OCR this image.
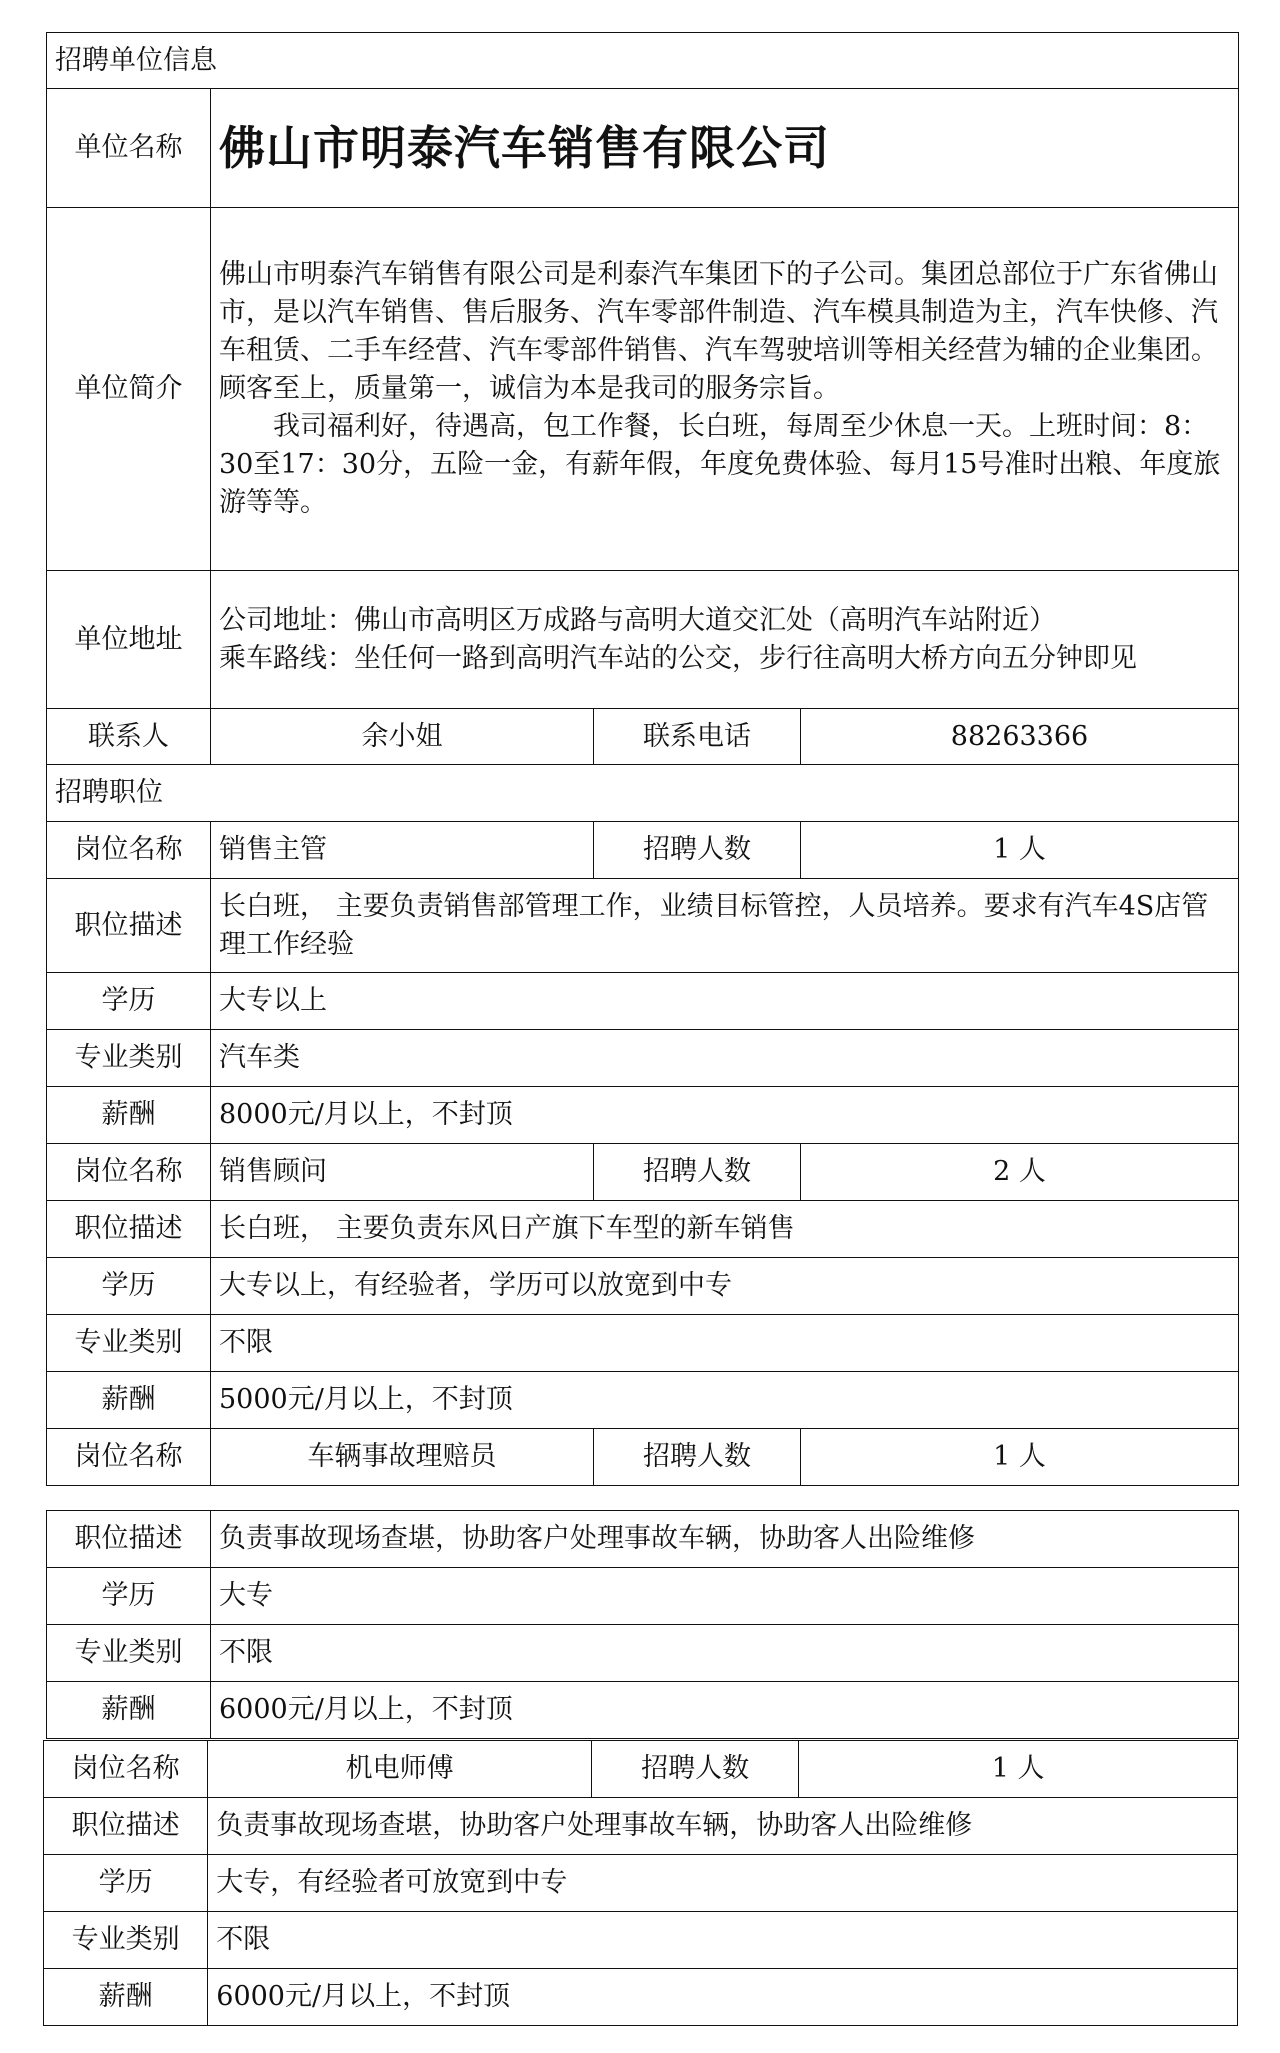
招聘单位信息			
单位名称	佛山市明泰汽车销售有限公司		
单位简介	佛山市明泰汽车销售有限公司是利泰汽车集团下的子公司。集团总部位于广东省佛山市，是以汽车销售、售后服务、汽车零部件制造、汽车模具制造为主，汽车快修、汽车租赁、二手车经营、汽车零部件销售、汽车驾驶培训等相关经营为辅的企业集团。顾客至上，质量第一，诚信为本是我司的服务宗旨。

我司福利好，待遇高，包工作餐，长白班，每周至少休息一天。上班时间：8：30至17：30分，五险一金，有薪年假，年度免费体验、每月15号准时出粮、年度旅游等等。		

单位地址	公司地址：佛山市高明区万成路与高明大道交汇处（高明汽车站附近）
乘车路线：坐任何一路到高明汽车站的公交，步行往高明大桥方向五分钟即见		

联系人	余小姐	联系电话	88263366
招聘职位			
岗位名称	销售主管	招聘人数	1 人
职位描述	长白班， 主要负责销售部管理工作，业绩目标管控，人员培养。要求有汽车4S店管理工作经验		
学历	大专以上		
专业类别	汽车类		
薪酬	8000元/月以上，不封顶		
岗位名称	销售顾问	招聘人数	2 人
职位描述	长白班， 主要负责东风日产旗下车型的新车销售		
学历	大专以上，有经验者，学历可以放宽到中专		
专业类别	不限		
薪酬	5000元/月以上，不封顶		
岗位名称	车辆事故理赔员	招聘人数	1 人
职位描述	负责事故现场查堪，协助客户处理事故车辆，协助客人出险维修
学历	大专
专业类别	不限
薪酬	6000元/月以上，不封顶
岗位名称	机电师傅	招聘人数	1 人
职位描述	负责事故现场查堪，协助客户处理事故车辆，协助客人出险维修		
学历	大专，有经验者可放宽到中专		
专业类别	不限		
薪酬	6000元/月以上，不封顶		
